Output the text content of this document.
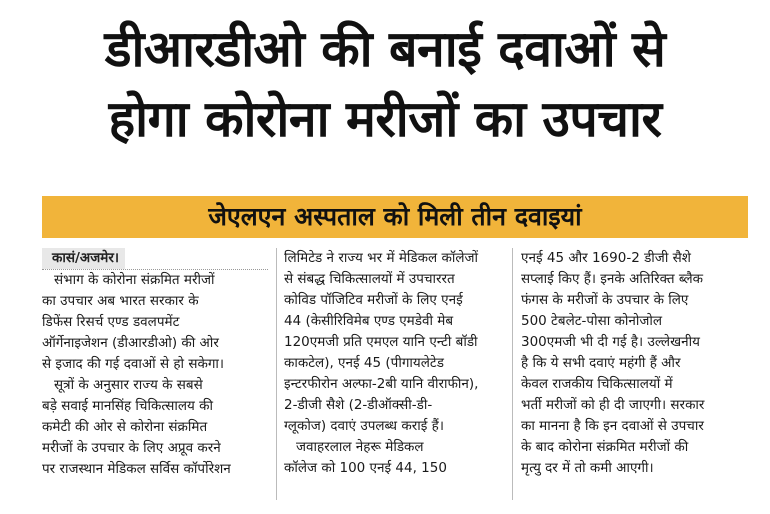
डीआरडीओ की बनाई दवाओं से
होगा कोरोना मरीजों का उपचार
जेएलएन अस्पताल को मिली तीन दवाइयां
कासं/अजमेर।
संभाग के कोरोना संक्रमित मरीजों
का उपचार अब भारत सरकार के
डिफेंस रिसर्च एण्ड डवलपमेंट
ऑर्गेनाइजेशन (डीआरडीओ) की ओर
से इजाद की गई दवाओं से हो सकेगा।
सूत्रों के अनुसार राज्य के सबसे
बड़े सवाई मानसिंह चिकित्सालय की
कमेटी की ओर से कोरोना संक्रमित
मरीजों के उपचार के लिए अप्रूव करने
पर राजस्थान मेडिकल सर्विस कॉर्पोरेशन
लिमिटेड ने राज्य भर में मेडिकल कॉलेजों
से संबद्ध चिकित्सालयों में उपचाररत
कोविड पॉजिटिव मरीजों के लिए एनई
44 (केसीरिविमेब एण्ड एमडेवी मेब
120एमजी प्रति एमएल यानि एन्टी बॉडी
काकटेल), एनई 45 (पीगायलेटेड
इन्टरफीरोन अल्फा-2बी यानि वीराफीन),
2-डीजी सैशे (2-डीऑक्सी-डी-
ग्लूकोज) दवाएं उपलब्ध कराई हैं।
जवाहरलाल नेहरू मेडिकल
कॉलेज को 100 एनई 44, 150
एनई 45 और 1690-2 डीजी सैशे
सप्लाई किए हैं। इनके अतिरिक्त ब्लैक
फंगस के मरीजों के उपचार के लिए
500 टेबलेट-पोसा कोनोजोल
300एमजी भी दी गई है। उल्लेखनीय
है कि ये सभी दवाएं महंगी हैं और
केवल राजकीय चिकित्सालयों में
भर्ती मरीजों को ही दी जाएगी। सरकार
का मानना है कि इन दवाओं से उपचार
के बाद कोरोना संक्रमित मरीजों की
मृत्यु दर में तो कमी आएगी।
